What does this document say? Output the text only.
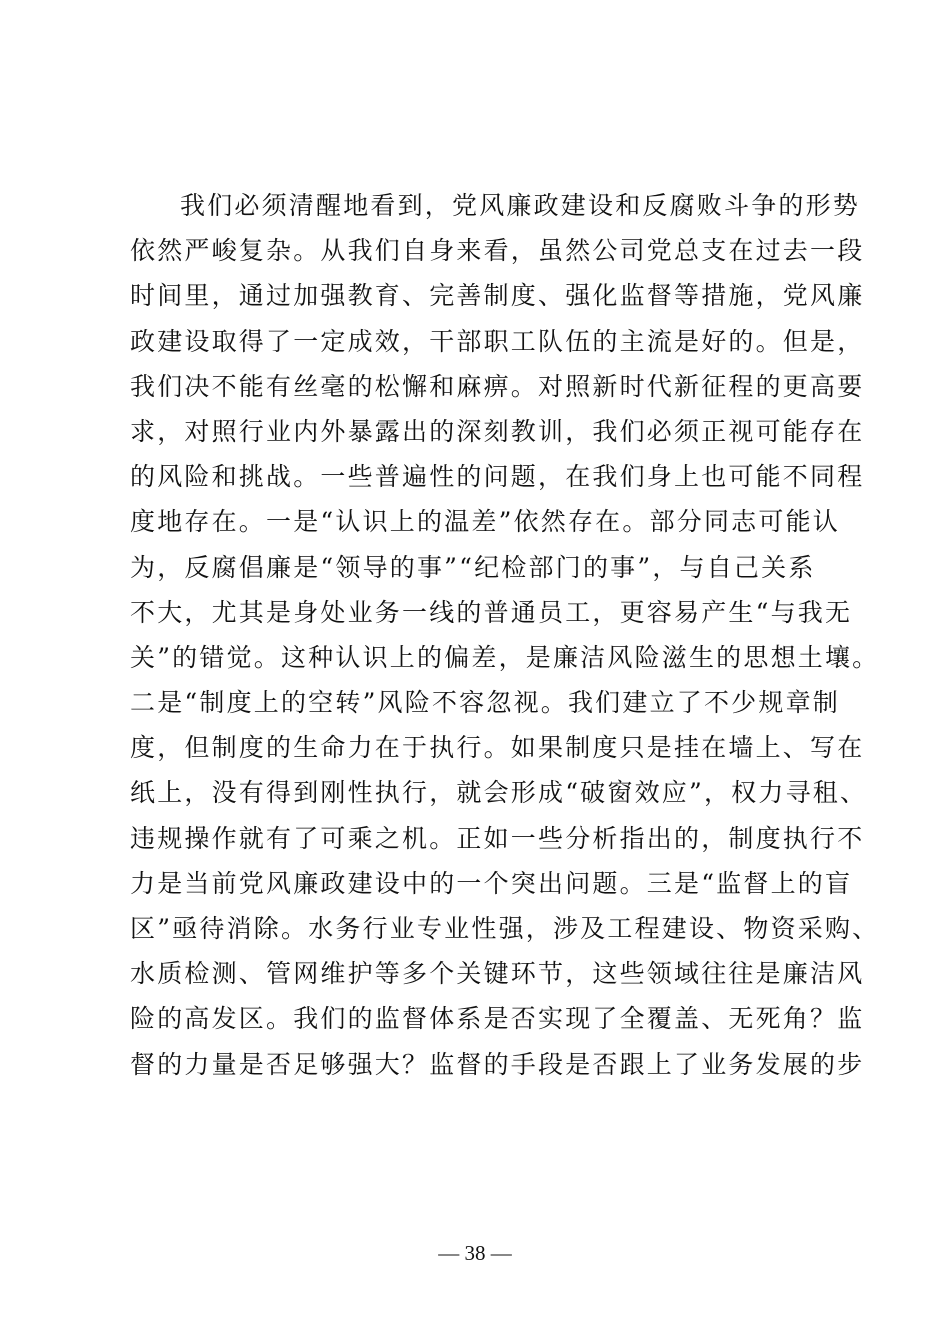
我们必须清醒地看到，党风廉政建设和反腐败斗争的形势
依然严峻复杂。从我们自身来看，虽然公司党总支在过去一段
时间里，通过加强教育、完善制度、强化监督等措施，党风廉
政建设取得了一定成效，干部职工队伍的主流是好的。但是，
我们决不能有丝毫的松懈和麻痹。对照新时代新征程的更高要
求，对照行业内外暴露出的深刻教训，我们必须正视可能存在
的风险和挑战。一些普遍性的问题，在我们身上也可能不同程
度地存在。一是“认识上的温差”依然存在。部分同志可能认
为，反腐倡廉是“领导的事”“纪检部门的事”，与自己关系
不大，尤其是身处业务一线的普通员工，更容易产生“与我无
关”的错觉。这种认识上的偏差，是廉洁风险滋生的思想土壤。
二是“制度上的空转”风险不容忽视。我们建立了不少规章制
度，但制度的生命力在于执行。如果制度只是挂在墙上、写在
纸上，没有得到刚性执行，就会形成“破窗效应”，权力寻租、
违规操作就有了可乘之机。正如一些分析指出的，制度执行不
力是当前党风廉政建设中的一个突出问题。三是“监督上的盲
区”亟待消除。水务行业专业性强，涉及工程建设、物资采购、
水质检测、管网维护等多个关键环节，这些领域往往是廉洁风
险的高发区。我们的监督体系是否实现了全覆盖、无死角？监
督的力量是否足够强大？监督的手段是否跟上了业务发展的步
— 38 —
